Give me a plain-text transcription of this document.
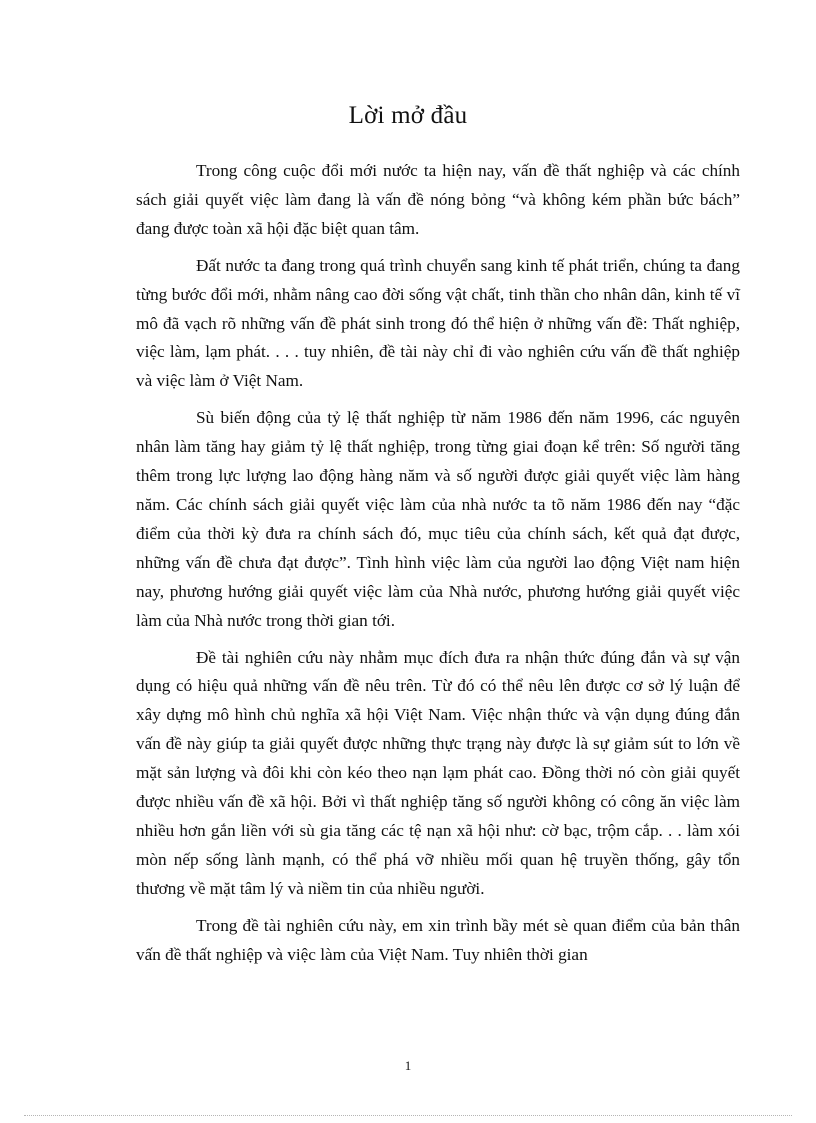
Lời mở đầu

Trong công cuộc đổi mới nước ta hiện nay, vấn đề thất nghiệp và các chính sách giải quyết việc làm đang là vấn đề nóng bỏng “và không kém phần bức bách” đang được toàn xã hội đặc biệt quan tâm.

Đất nước ta đang trong quá trình chuyển sang kinh tế phát triển, chúng ta đang từng bước đổi mới, nhằm nâng cao đời sống vật chất, tinh thần cho nhân dân, kinh tế vĩ mô đã vạch rõ những vấn đề phát sinh trong đó thể hiện ở những vấn đề: Thất nghiệp, việc làm, lạm phát. . . . tuy nhiên, đề tài này chỉ đi vào nghiên cứu vấn đề thất nghiệp và việc làm ở Việt Nam.

Sù biến động của tỷ lệ thất nghiệp từ năm 1986 đến năm 1996, các nguyên nhân làm tăng hay giảm tỷ lệ thất nghiệp, trong từng giai đoạn kể trên: Số người tăng thêm trong lực lượng lao động hàng năm và số người được giải quyết việc làm hàng năm. Các chính sách giải quyết việc làm của nhà nước ta tõ năm 1986 đến nay “đặc điểm của thời kỳ đưa ra chính sách đó, mục tiêu của chính sách, kết quả đạt được, những vấn đề chưa đạt được”. Tình hình việc làm của người lao động Việt nam hiện nay, phương hướng giải quyết việc làm của Nhà nước, phương hướng giải quyết việc làm của Nhà nước trong thời gian tới.

Đề tài nghiên cứu này nhằm mục đích đưa ra nhận thức đúng đắn và sự vận dụng có hiệu quả những vấn đề nêu trên. Từ đó có thể nêu lên được cơ sở lý luận để xây dựng mô hình chủ nghĩa xã hội Việt Nam. Việc nhận thức và vận dụng đúng đắn vấn đề này giúp ta giải quyết được những thực trạng này được là sự giảm sút to lớn về mặt sản lượng và đôi khi còn kéo theo nạn lạm phát cao. Đồng thời nó còn giải quyết được nhiều vấn đề xã hội. Bởi vì thất nghiệp tăng số người không có công ăn việc làm nhiều hơn gắn liền với sù gia tăng các tệ nạn xã hội như: cờ bạc, trộm cắp. . . làm xói mòn nếp sống lành mạnh, có thể phá vỡ nhiều mối quan hệ truyền thống, gây tổn thương về mặt tâm lý và niềm tin của nhiều người.

Trong đề tài nghiên cứu này, em xin trình bầy mét sè quan điểm của bản thân vấn đề thất nghiệp và việc làm của Việt Nam. Tuy nhiên thời gian

1
